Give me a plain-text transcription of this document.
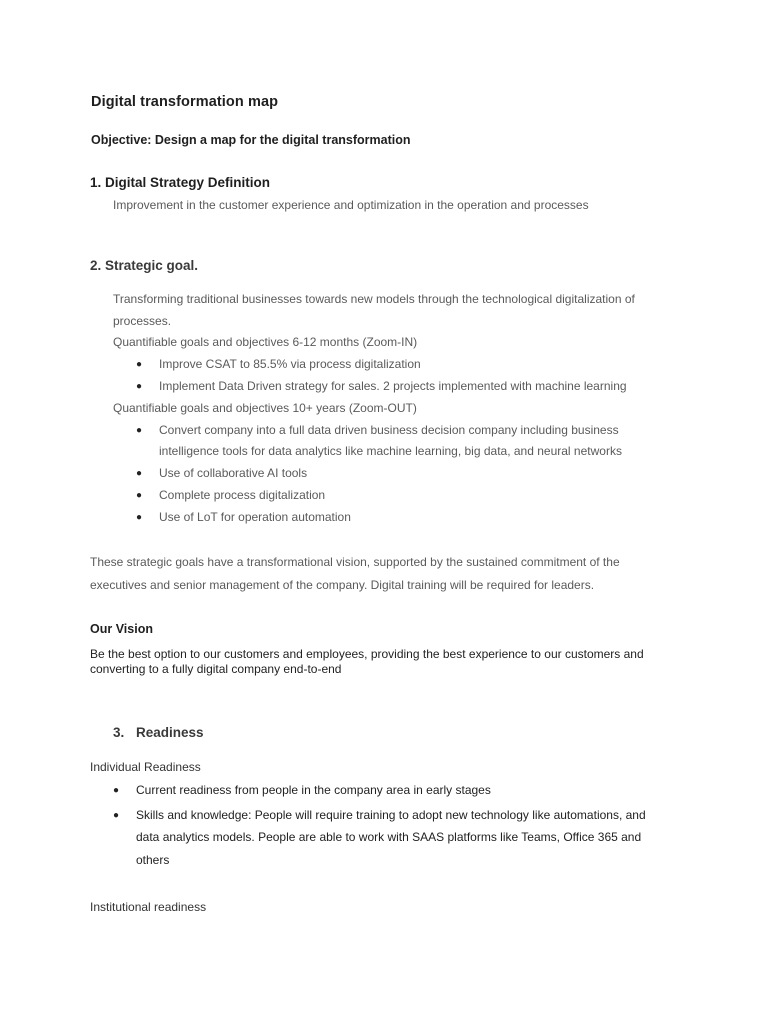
Digital transformation map
Objective: Design a map for the digital transformation
1. Digital Strategy Definition
Improvement in the customer experience and optimization in the operation and processes
2. Strategic goal.
Transforming traditional businesses towards new models through the technological digitalization of
processes.
Quantifiable goals and objectives 6-12 months (Zoom-IN)
● Improve CSAT to 85.5% via process digitalization
● Implement Data Driven strategy for sales. 2 projects implemented with machine learning
Quantifiable goals and objectives 10+ years (Zoom-OUT)
● Convert company into a full data driven business decision company including business
intelligence tools for data analytics like machine learning, big data, and neural networks
● Use of collaborative AI tools
● Complete process digitalization
● Use of LoT for operation automation
These strategic goals have a transformational vision, supported by the sustained commitment of the
executives and senior management of the company. Digital training will be required for leaders.
Our Vision
Be the best option to our customers and employees, providing the best experience to our customers and
converting to a fully digital company end-to-end
3. Readiness
Individual Readiness
● Current readiness from people in the company area in early stages
● Skills and knowledge: People will require training to adopt new technology like automations, and
data analytics models. People are able to work with SAAS platforms like Teams, Office 365 and
others
Institutional readiness
